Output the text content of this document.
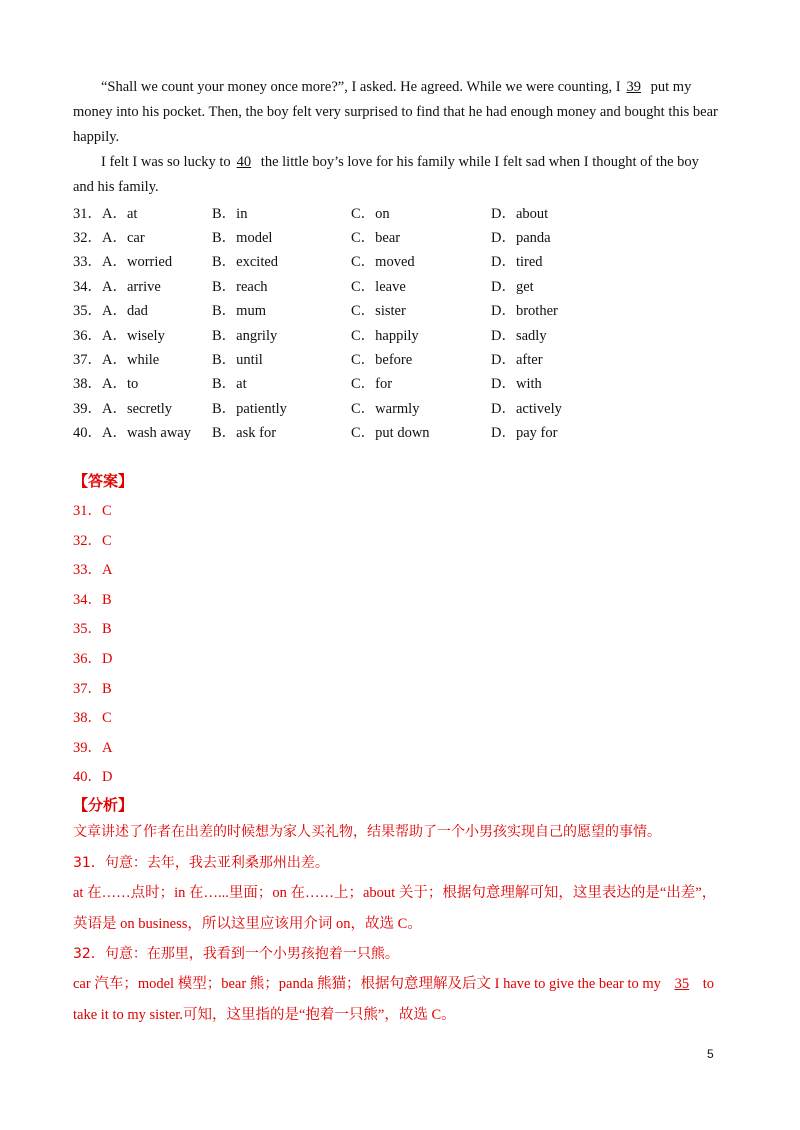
“Shall we count your money once more?”, I asked. He agreed. While we were counting, I 39 put my money into his pocket. Then, the boy felt very surprised to find that he had enough money and bought this bear happily.

I felt I was so lucky to 40 the little boy’s love for his family while I felt sad when I thought of the boy and his family.

31．A．at	B．in	C．on	D．about
32．A．car	B．model	C．bear	D．panda
33．A．worried	B．excited	C．moved	D．tired
34．A．arrive	B．reach	C．leave	D．get
35．A．dad	B．mum	C．sister	D．brother
36．A．wisely	B．angrily	C．happily	D．sadly
37．A．while	B．until	C．before	D．after
38．A．to	B．at	C．for	D．with
39．A．secretly	B．patiently	C．warmly	D．actively
40．A．wash away	B．ask for	C．put down	D．pay for
【答案】
31．C
32．C
33．A
34．B
35．B
36．D
37．B
38．C
39．A
40．D
【分析】

文章讲述了作者在出差的时候想为家人买礼物，结果帮助了一个小男孩实现自己的愿望的事情。

31．句意：去年，我去亚利桑那州出差。

at 在……点时；in 在…...里面；on 在……上；about 关于；根据句意理解可知，这里表达的是“出差”，英语是 on business，所以这里应该用介词 on，故选 C。

32．句意：在那里，我看到一个小男孩抱着一只熊。

car 汽车；model 模型；bear 熊；panda 熊猫；根据句意理解及后文 I have to give the bear to my 35 to take it to my sister.可知，这里指的是“抱着一只熊”，故选 C。

5
